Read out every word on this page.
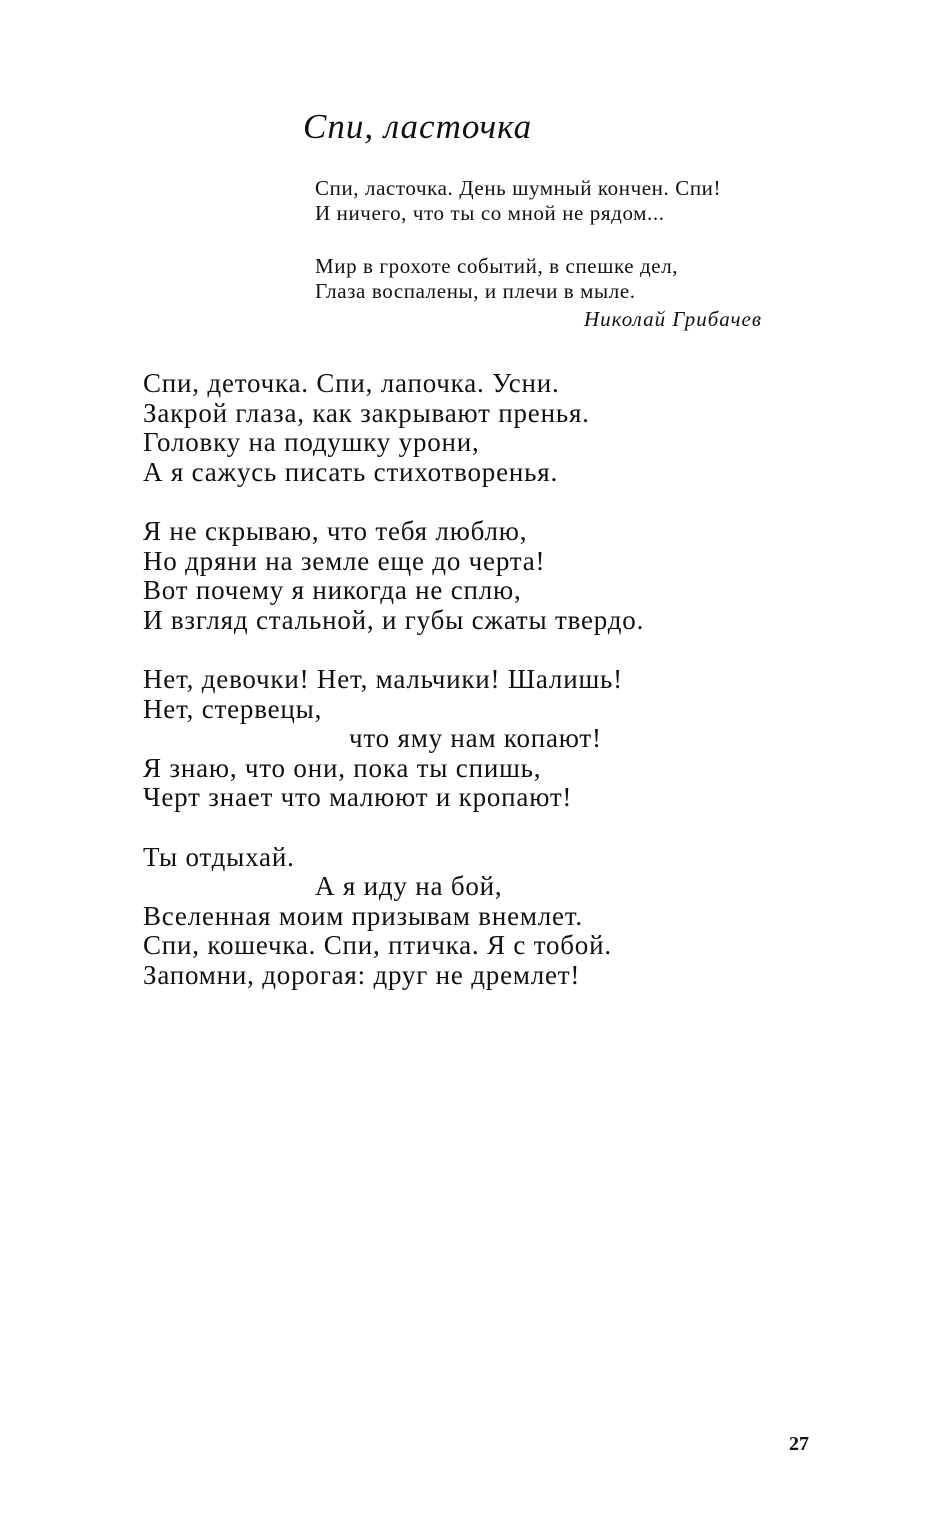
Спи, ласточка
Спи, ласточка. День шумный кончен. Спи!
И ничего, что ты со мной не рядом...
Мир в грохоте событий, в спешке дел,
Глаза воспалены, и плечи в мыле.
Николай Грибачев
Спи, деточка. Спи, лапочка. Усни.
Закрой глаза, как закрывают пренья.
Головку на подушку урони,
А я сажусь писать стихотворенья.
Я не скрываю, что тебя люблю,
Но дряни на земле еще до черта!
Вот почему я никогда не сплю,
И взгляд стальной, и губы сжаты твердо.
Нет, девочки! Нет, мальчики! Шалишь!
Нет, стервецы,
что яму нам копают!
Я знаю, что они, пока ты спишь,
Черт знает что малюют и кропают!
Ты отдыхай.
А я иду на бой,
Вселенная моим призывам внемлет.
Спи, кошечка. Спи, птичка. Я с тобой.
Запомни, дорогая: друг не дремлет!
27
